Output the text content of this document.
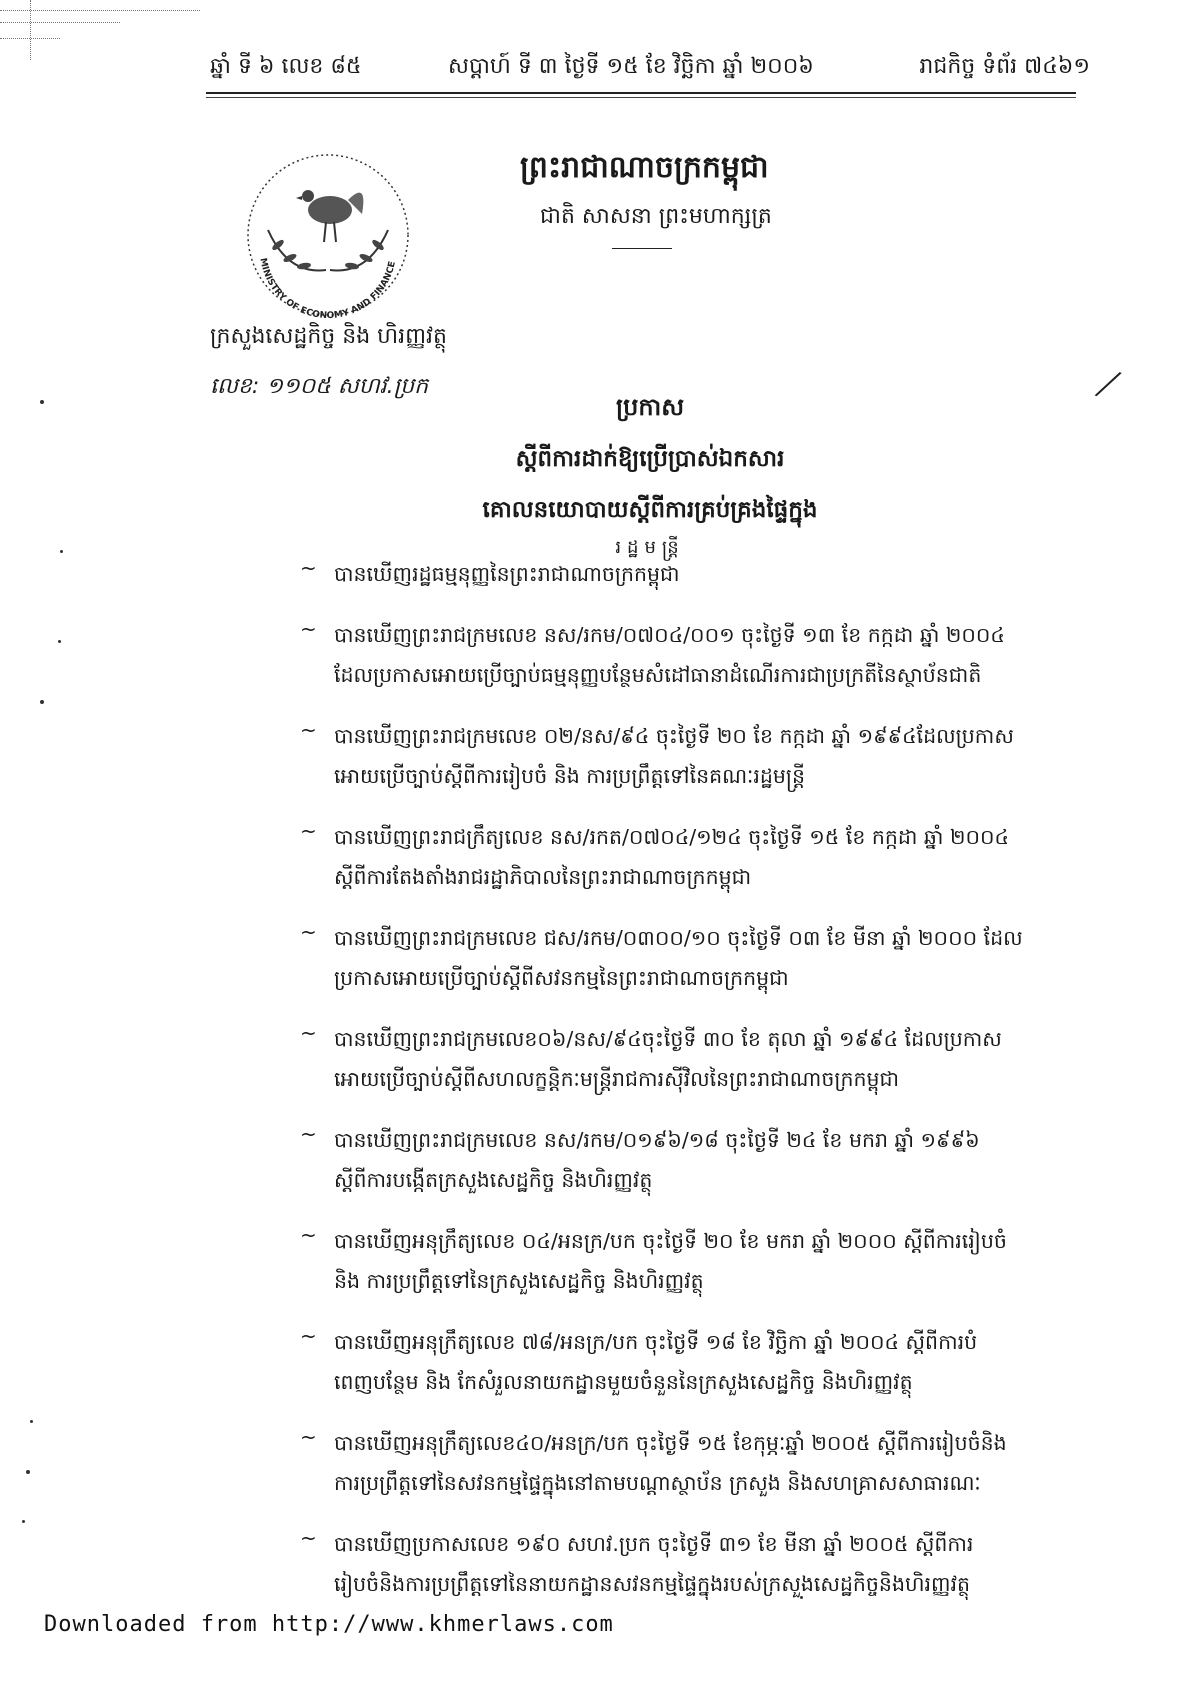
ឆ្នាំ ទី ៦ លេខ ៨៥	សប្តាហ៍ ទី ៣ ថ្ងៃទី ១៥ ខែ វិច្ឆិកា ឆ្នាំ ២០០៦	រាជកិច្ច ទំព័រ ៧៤៦១
MINISTRY OF ECONOMY AND FINANCE
ព្រះរាជាណាចក្រកម្ពុជា
ជាតិ សាសនា ព្រះមហាក្សត្រ
ក្រសួងសេដ្ឋកិច្ច និង ហិរញ្ញវត្ថុ
លេខ: ១១០៥ សហវ.ប្រក
ប្រកាស
ស្តីពីការដាក់ឱ្យប្រើប្រាស់ឯកសារ
គោលនយោបាយស្តីពីការគ្រប់គ្រងផ្ទៃក្នុង
រដ្ឋមន្ត្រី
~ បានឃើញរដ្ឋធម្មនុញ្ញនៃព្រះរាជាណាចក្រកម្ពុជា
~ បានឃើញព្រះរាជក្រមលេខ នស/រកម/០៧០៤/០០១ ចុះថ្ងៃទី ១៣ ខែ កក្កដា ឆ្នាំ ២០០៤
ដែលប្រកាសអោយប្រើច្បាប់ធម្មនុញ្ញបន្ថែមសំដៅធានាដំណើរការជាប្រក្រតីនៃស្ថាប័នជាតិ
~ បានឃើញព្រះរាជក្រមលេខ ០២/នស/៩៤ ចុះថ្ងៃទី ២០ ខែ កក្កដា ឆ្នាំ ១៩៩៤ដែលប្រកាស
អោយប្រើច្បាប់ស្តីពីការរៀបចំ និង ការប្រព្រឹត្តទៅនៃគណៈរដ្ឋមន្ត្រី
~ បានឃើញព្រះរាជក្រឹត្យលេខ នស/រកត/០៧០៤/១២៤ ចុះថ្ងៃទី ១៥ ខែ កក្កដា ឆ្នាំ ២០០៤
ស្តីពីការតែងតាំងរាជរដ្ឋាភិបាលនៃព្រះរាជាណាចក្រកម្ពុជា
~ បានឃើញព្រះរាជក្រមលេខ ជស/រកម/០៣០០/១០ ចុះថ្ងៃទី ០៣ ខែ មីនា ឆ្នាំ ២០០០ ដែល
ប្រកាសអោយប្រើច្បាប់ស្តីពីសវនកម្មនៃព្រះរាជាណាចក្រកម្ពុជា
~ បានឃើញព្រះរាជក្រមលេខ០៦/នស/៩៤ចុះថ្ងៃទី ៣០ ខែ តុលា ឆ្នាំ ១៩៩៤ ដែលប្រកាស
អោយប្រើច្បាប់ស្តីពីសហលក្ខន្តិកៈមន្ត្រីរាជការស៊ីវិលនៃព្រះរាជាណាចក្រកម្ពុជា
~ បានឃើញព្រះរាជក្រមលេខ នស/រកម/០១៩៦/១៨ ចុះថ្ងៃទី ២៤ ខែ មករា ឆ្នាំ ១៩៩៦
ស្តីពីការបង្កើតក្រសួងសេដ្ឋកិច្ច និងហិរញ្ញវត្ថុ
~ បានឃើញអនុក្រឹត្យលេខ ០៤/អនក្រ/បក ចុះថ្ងៃទី ២០ ខែ មករា ឆ្នាំ ២០០០ ស្តីពីការរៀបចំ
និង ការប្រព្រឹត្តទៅនៃក្រសួងសេដ្ឋកិច្ច និងហិរញ្ញវត្ថុ
~ បានឃើញអនុក្រឹត្យលេខ ៧៨/អនក្រ/បក ចុះថ្ងៃទី ១៨ ខែ វិច្ឆិកា ឆ្នាំ ២០០៤ ស្តីពីការបំ
ពេញបន្ថែម និង កែសំរួលនាយកដ្ឋានមួយចំនួននៃក្រសួងសេដ្ឋកិច្ច និងហិរញ្ញវត្ថុ
~ បានឃើញអនុក្រឹត្យលេខ៤០/អនក្រ/បក ចុះថ្ងៃទី ១៥ ខែកុម្ភៈឆ្នាំ ២០០៥ ស្តីពីការរៀបចំនិង
ការប្រព្រឹត្តទៅនៃសវនកម្មផ្ទៃក្នុងនៅតាមបណ្តាស្ថាប័ន ក្រសួង និងសហគ្រាសសាធារណៈ
~ បានឃើញប្រកាសលេខ ១៩០ សហវ.ប្រក ចុះថ្ងៃទី ៣១ ខែ មីនា ឆ្នាំ ២០០៥ ស្តីពីការ
រៀបចំនិងការប្រព្រឹត្តទៅនៃនាយកដ្ឋានសវនកម្មផ្ទៃក្នុងរបស់ក្រសួងសេដ្ឋកិច្ចនិងហិរញ្ញវត្ថុ
╱
Downloaded from http://www.khmerlaws.com
